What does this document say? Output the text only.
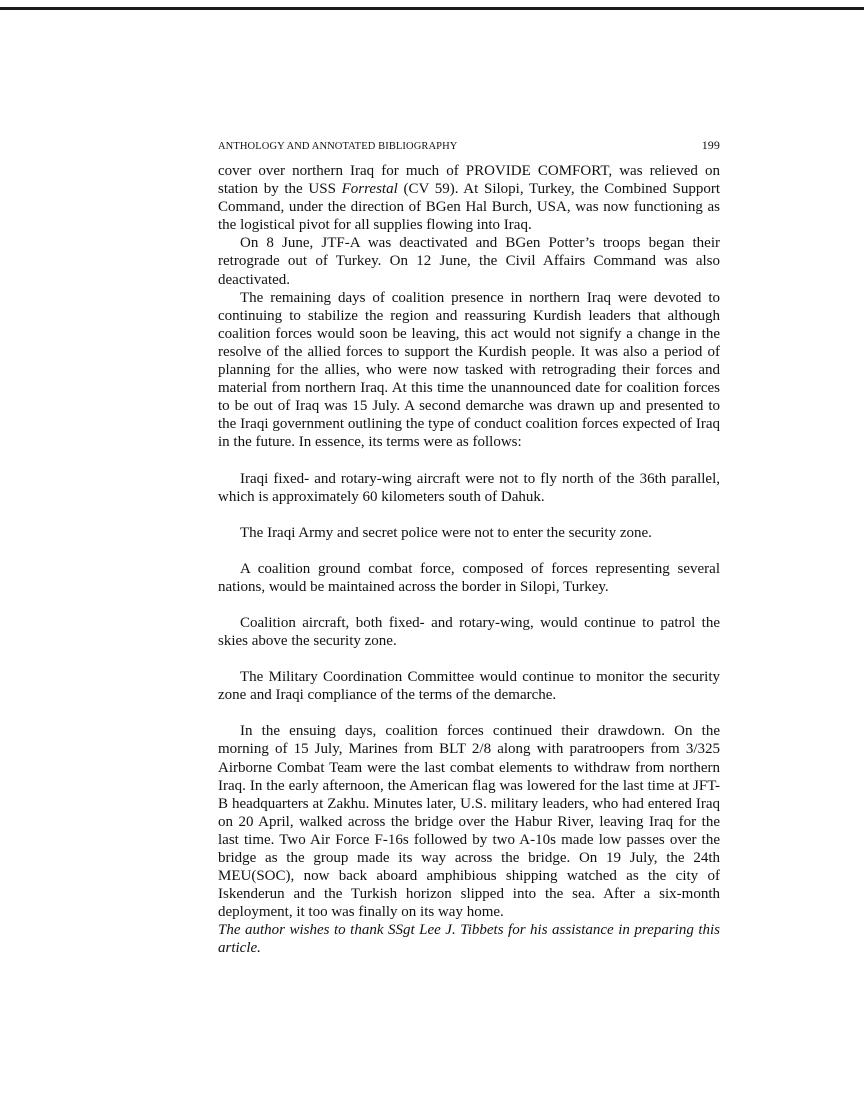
ANTHOLOGY AND ANNOTATED BIBLIOGRAPHY	199

cover over northern Iraq for much of PROVIDE COMFORT, was relieved on station by the USS Forrestal (CV 59). At Silopi, Turkey, the Combined Support Command, under the direction of BGen Hal Burch, USA, was now functioning as the logistical pivot for all supplies flowing into Iraq.

On 8 June, JTF-A was deactivated and BGen Potter’s troops began their retrograde out of Turkey. On 12 June, the Civil Affairs Command was also deactivated.

The remaining days of coalition presence in northern Iraq were devoted to continuing to stabilize the region and reassuring Kurdish leaders that although coalition forces would soon be leaving, this act would not signify a change in the resolve of the allied forces to support the Kurdish people. It was also a period of planning for the allies, who were now tasked with retrograding their forces and material from northern Iraq. At this time the unannounced date for coalition forces to be out of Iraq was 15 July. A second demarche was drawn up and presented to the Iraqi government outlining the type of conduct coalition forces expected of Iraq in the future. In essence, its terms were as follows:

Iraqi fixed- and rotary-wing aircraft were not to fly north of the 36th parallel, which is approximately 60 kilometers south of Dahuk.

The Iraqi Army and secret police were not to enter the security zone.

A coalition ground combat force, composed of forces representing several nations, would be maintained across the border in Silopi, Turkey.

Coalition aircraft, both fixed- and rotary-wing, would continue to patrol the skies above the security zone.

The Military Coordination Committee would continue to monitor the security zone and Iraqi compliance of the terms of the demarche.

In the ensuing days, coalition forces continued their drawdown. On the morning of 15 July, Marines from BLT 2/8 along with paratroopers from 3/325 Airborne Combat Team were the last combat elements to withdraw from northern Iraq. In the early afternoon, the American flag was lowered for the last time at JFT-B headquarters at Zakhu. Minutes later, U.S. military leaders, who had entered Iraq on 20 April, walked across the bridge over the Habur River, leaving Iraq for the last time. Two Air Force F-16s followed by two A-10s made low passes over the bridge as the group made its way across the bridge. On 19 July, the 24th MEU(SOC), now back aboard amphibious shipping watched as the city of Iskenderun and the Turkish horizon slipped into the sea. After a six-month deployment, it too was finally on its way home.

The author wishes to thank SSgt Lee J. Tibbets for his assistance in preparing this article.
